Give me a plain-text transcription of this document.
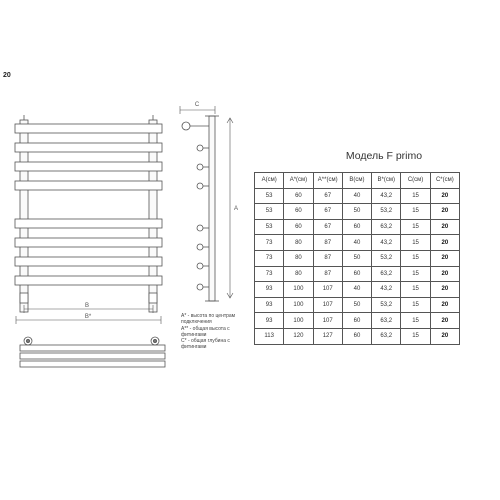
20
B
B*
C
A
Модель F primo
A(см)	A*(см)	A**(см)	B(см)	B*(см)	C(см)	C*(см)
53	60	67	40	43,2	15	20
53	60	67	50	53,2	15	20
53	60	67	60	63,2	15	20
73	80	87	40	43,2	15	20
73	80	87	50	53,2	15	20
73	80	87	60	63,2	15	20
93	100	107	40	43,2	15	20
93	100	107	50	53,2	15	20
93	100	107	60	63,2	15	20
113	120	127	60	63,2	15	20
A* - высота по центрам
подключения
A** - общая высота с
фитингами
C* - общая глубина с
фитингами
